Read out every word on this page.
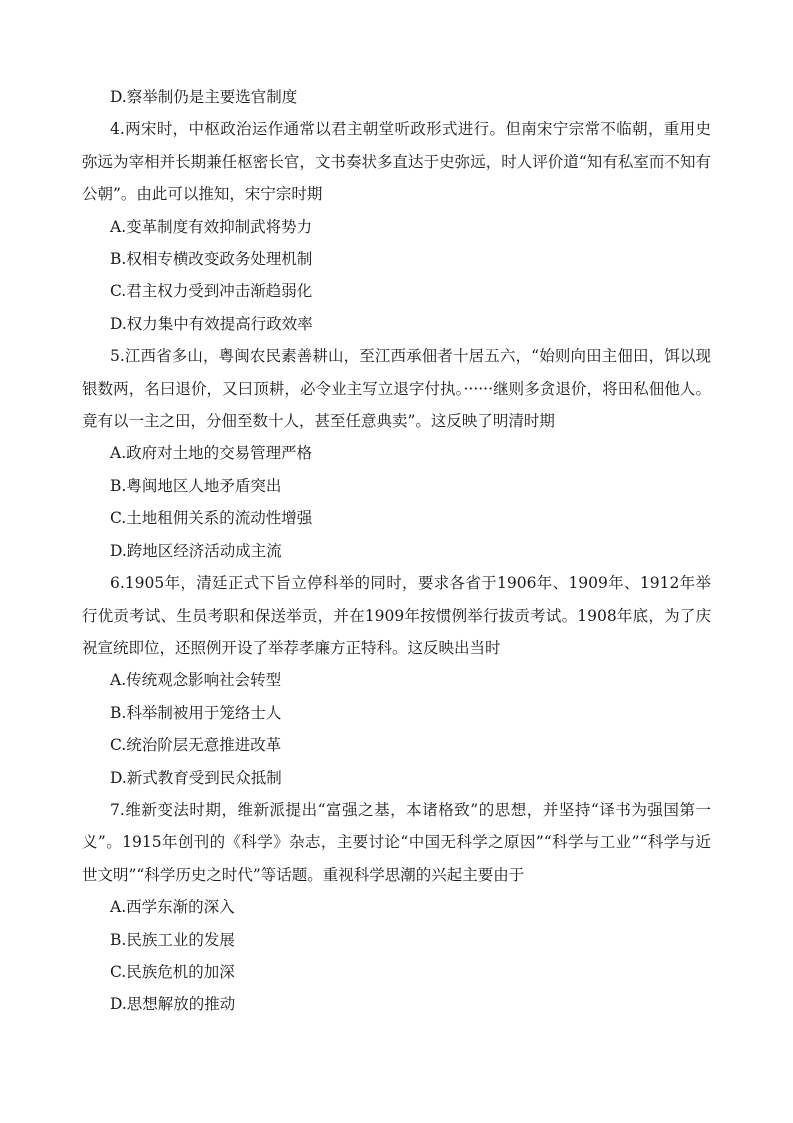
D.察举制仍是主要选官制度

4.两宋时，中枢政治运作通常以君主朝堂听政形式进行。但南宋宁宗常不临朝，重用史弥远为宰相并长期兼任枢密长官，文书奏状多直达于史弥远，时人评价道“知有私室而不知有公朝”。由此可以推知，宋宁宗时期

A.变革制度有效抑制武将势力
B.权相专横改变政务处理机制
C.君主权力受到冲击渐趋弱化
D.权力集中有效提高行政效率

5.江西省多山，粤闽农民素善耕山，至江西承佃者十居五六，“始则向田主佃田，饵以现银数两，名曰退价，又曰顶耕，必令业主写立退字付执。······继则多贪退价，将田私佃他人。竟有以一主之田，分佃至数十人，甚至任意典卖”。这反映了明清时期

A.政府对土地的交易管理严格
B.粤闽地区人地矛盾突出
C.土地租佣关系的流动性增强
D.跨地区经济活动成主流

6.1905年，清廷正式下旨立停科举的同时，要求各省于1906年、1909年、1912年举行优贡考试、生员考职和保送举贡，并在1909年按惯例举行拔贡考试。1908年底，为了庆祝宣统即位，还照例开设了举荐孝廉方正特科。这反映出当时

A.传统观念影响社会转型
B.科举制被用于笼络士人
C.统治阶层无意推进改革
D.新式教育受到民众抵制

7.维新变法时期，维新派提出“富强之基，本诸格致”的思想，并坚持“译书为强国第一义”。1915年创刊的《科学》杂志，主要讨论“中国无科学之原因”“科学与工业”“科学与近世文明”“科学历史之时代”等话题。重视科学思潮的兴起主要由于

A.西学东渐的深入
B.民族工业的发展
C.民族危机的加深
D.思想解放的推动
